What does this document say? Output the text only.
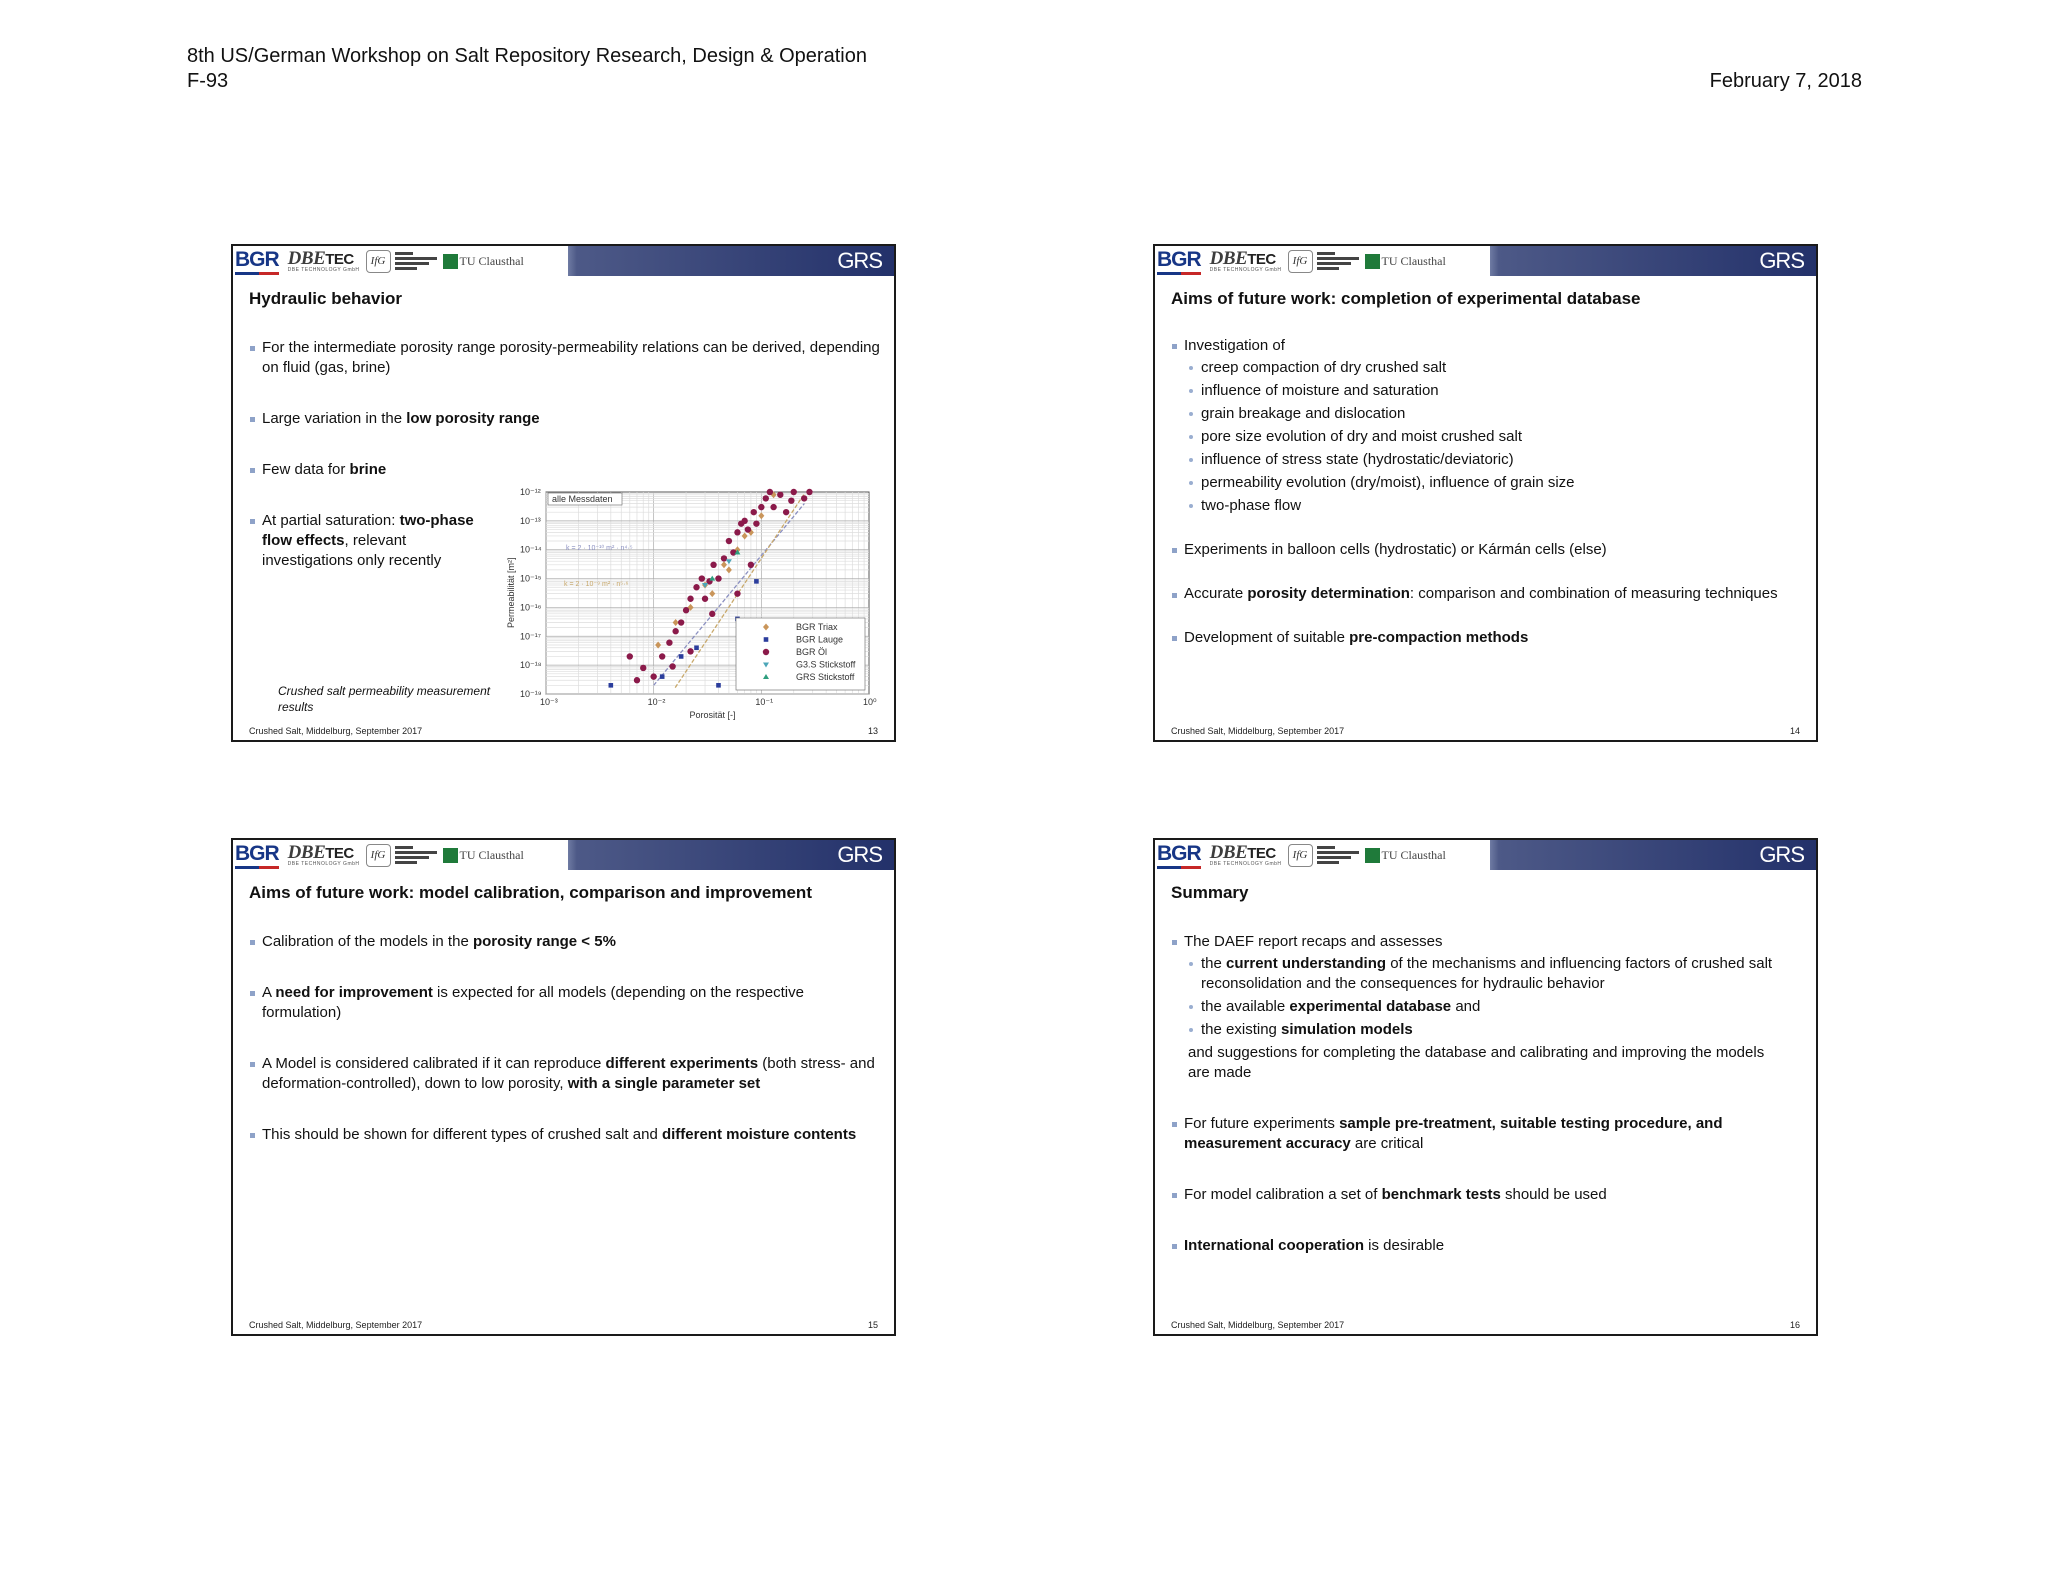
8th US/German Workshop on Salt Repository Research, Design & Operation
F-93	February 7, 2018
BGR DBETEC
DBE TECHNOLOGY GmbH
IfG	TU Clausthal	GRS
Hydraulic behavior
For the intermediate porosity range porosity-permeability relations can be derived, depending on fluid (gas, brine)
Large variation in the low porosity range
Few data for brine
At partial saturation: two-phase flow effects, relevant investigations only recently
Crushed salt permeability measurement results	10⁻³	10⁻²	10⁻¹	10⁰
10⁻¹²
10⁻¹³
10⁻¹⁴
10⁻¹⁵
10⁻¹⁶
10⁻¹⁷
10⁻¹⁸
10⁻¹⁹
Porosität [-]
Permeabilität [m²]
alle Messdaten
k = 2 · 10⁻¹⁰ m² · n⁴·⁵
k = 2 · 10⁻⁹ m² · n⁵·⁶
BGR Triax
BGR Lauge
BGR Öl
G3.S Stickstoff
GRS Stickstoff
Crushed Salt, Middelburg, September 2017	13
BGR DBETEC
DBE TECHNOLOGY GmbH
IfG	TU Clausthal	GRS
Aims of future work: completion of experimental database
Investigation of
creep compaction of dry crushed salt
influence of moisture and saturation
grain breakage and dislocation
pore size evolution of dry and moist crushed salt
influence of stress state (hydrostatic/deviatoric)
permeability evolution (dry/moist), influence of grain size
two-phase flow
Experiments in balloon cells (hydrostatic) or Kármán cells (else)
Accurate porosity determination: comparison and combination of measuring techniques
Development of suitable pre-compaction methods
Crushed Salt, Middelburg, September 2017	14
BGR DBETEC
DBE TECHNOLOGY GmbH
IfG	TU Clausthal	GRS
Aims of future work: model calibration, comparison and improvement
Calibration of the models in the porosity range < 5%
A need for improvement is expected for all models (depending on the respective formulation)
A Model is considered calibrated if it can reproduce different experiments (both stress- and deformation-controlled), down to low porosity, with a single parameter set
This should be shown for different types of crushed salt and different moisture contents
Crushed Salt, Middelburg, September 2017	15
BGR DBETEC
DBE TECHNOLOGY GmbH
IfG	TU Clausthal	GRS
Summary
The DAEF report recaps and assesses
the current understanding of the mechanisms and influencing factors of crushed salt reconsolidation and the consequences for hydraulic behavior
the available experimental database and
the existing simulation models
and suggestions for completing the database and calibrating and improving the models are made
For future experiments sample pre-treatment, suitable testing procedure, and measurement accuracy are critical
For model calibration a set of benchmark tests should be used
International cooperation is desirable
Crushed Salt, Middelburg, September 2017	16
